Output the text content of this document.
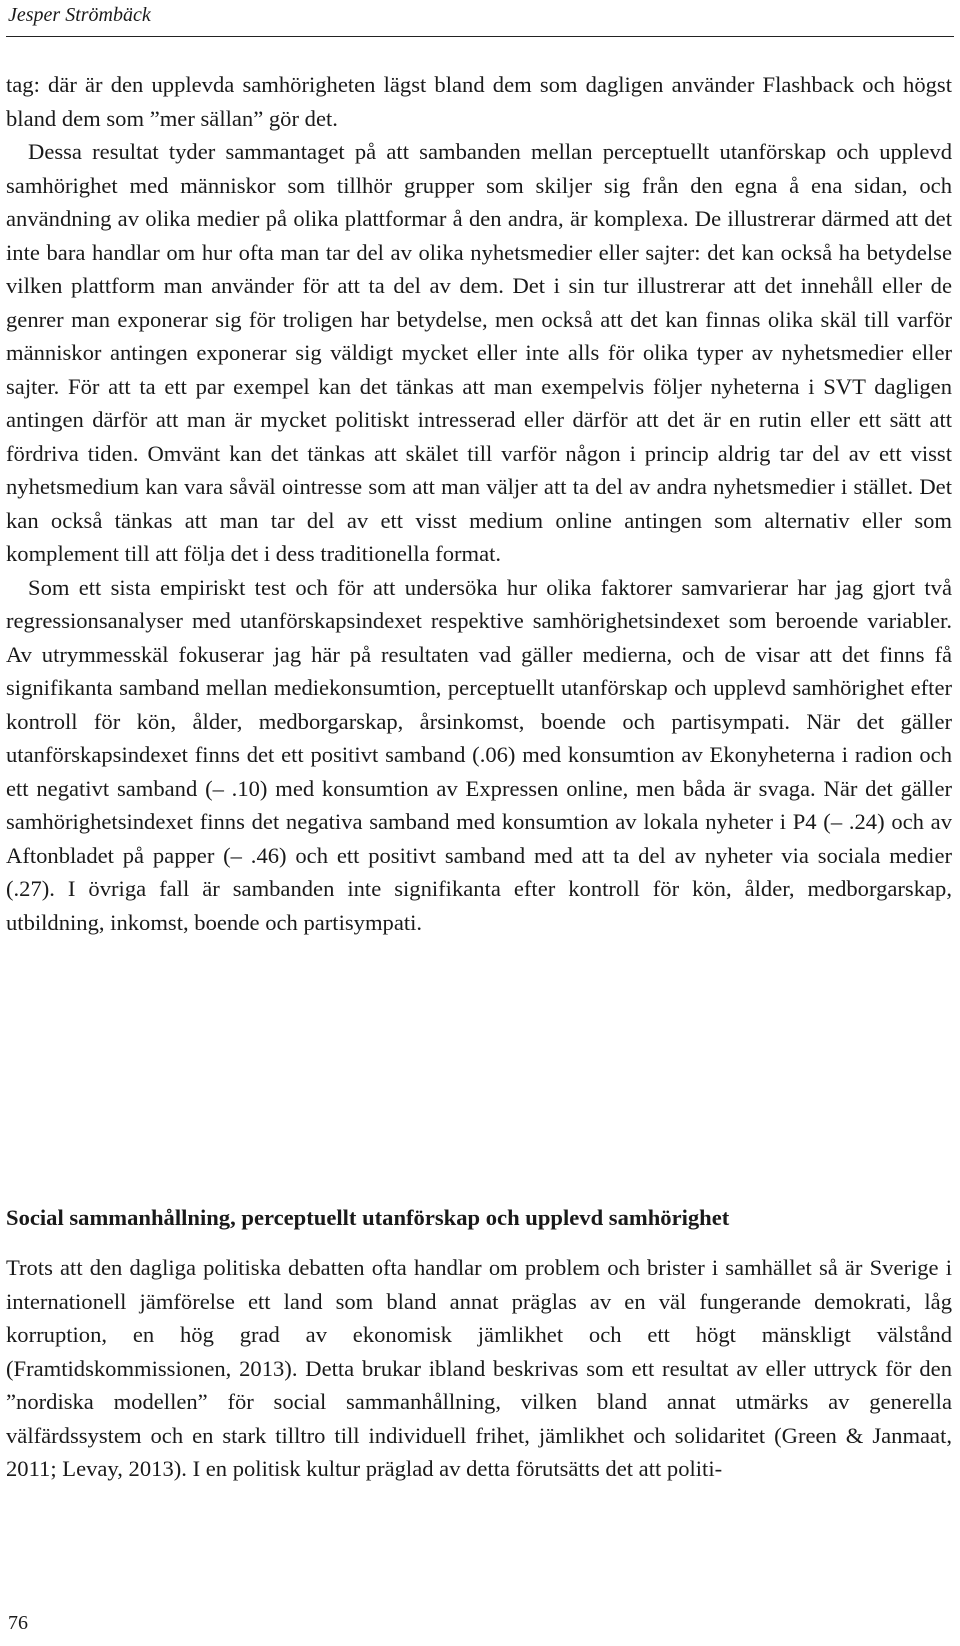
Jesper Strömbäck

tag: där är den upplevda samhörigheten lägst bland dem som dagligen använder Flashback och högst bland dem som ”mer sällan” gör det.

Dessa resultat tyder sammantaget på att sambanden mellan perceptuellt utanförskap och upplevd samhörighet med människor som tillhör grupper som skiljer sig från den egna å ena sidan, och användning av olika medier på olika plattformar å den andra, är komplexa. De illustrerar därmed att det inte bara handlar om hur ofta man tar del av olika nyhetsmedier eller sajter: det kan också ha betydelse vilken plattform man använder för att ta del av dem. Det i sin tur illustrerar att det innehåll eller de genrer man exponerar sig för troligen har betydelse, men också att det kan finnas olika skäl till varför människor antingen exponerar sig väldigt mycket eller inte alls för olika typer av nyhetsmedier eller sajter. För att ta ett par exempel kan det tänkas att man exempelvis följer nyheterna i SVT dagligen antingen därför att man är mycket politiskt intresserad eller därför att det är en rutin eller ett sätt att fördriva tiden. Omvänt kan det tänkas att skälet till varför någon i princip aldrig tar del av ett visst nyhetsmedium kan vara såväl ointresse som att man väljer att ta del av andra nyhetsmedier i stället. Det kan också tänkas att man tar del av ett visst medium online antingen som alternativ eller som komplement till att följa det i dess traditionella format.

Som ett sista empiriskt test och för att undersöka hur olika faktorer samvarierar har jag gjort två regressionsanalyser med utanförskapsindexet respektive samhörighetsindexet som beroende variabler. Av utrymmesskäl fokuserar jag här på resultaten vad gäller medierna, och de visar att det finns få signifikanta samband mellan mediekonsumtion, perceptuellt utanförskap och upplevd samhörighet efter kontroll för kön, ålder, medborgarskap, årsinkomst, boende och partisympati. När det gäller utanförskapsindexet finns det ett positivt samband (.06) med konsumtion av Ekonyheterna i radion och ett negativt samband (– .10) med konsumtion av Expressen online, men båda är svaga. När det gäller samhörighetsindexet finns det negativa samband med konsumtion av lokala nyheter i P4 (– .24) och av Aftonbladet på papper (– .46) och ett positivt samband med att ta del av nyheter via sociala medier (.27). I övriga fall är sambanden inte signifikanta efter kontroll för kön, ålder, medborgarskap, utbildning, inkomst, boende och partisympati.

Social sammanhållning, perceptuellt utanförskap och upplevd samhörighet

Trots att den dagliga politiska debatten ofta handlar om problem och brister i samhället så är Sverige i internationell jämförelse ett land som bland annat präglas av en väl fungerande demokrati, låg korruption, en hög grad av ekonomisk jämlikhet och ett högt mänskligt välstånd (Framtidskommissionen, 2013). Detta brukar ibland beskrivas som ett resultat av eller uttryck för den ”nordiska modellen” för social sammanhållning, vilken bland annat utmärks av generella välfärdssystem och en stark tilltro till individuell frihet, jämlikhet och solidaritet (Green & Janmaat, 2011; Levay, 2013). I en politisk kultur präglad av detta förutsätts det att politi-

76
